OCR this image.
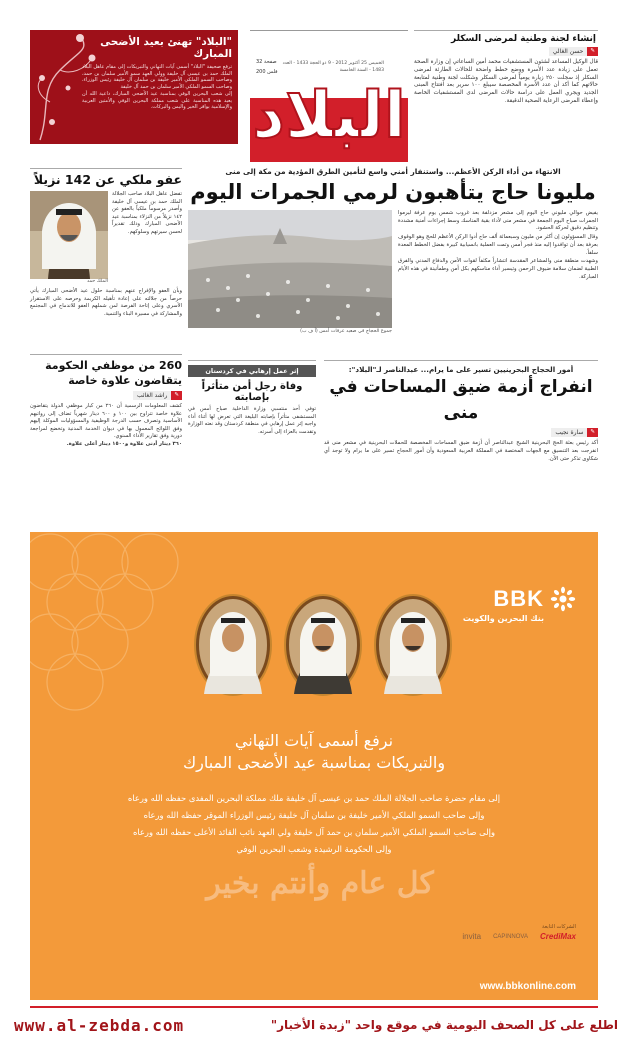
"البلاد" تهنئ بعيد الأضحى المبارك
ترفع صحيفة "البلاد" أسمى آيات التهاني والتبريكات إلى مقام عاهل البلاد الملك حمد بن عيسى آل خليفة وولي العهد سمو الأمير سلمان بن حمد، وصاحب السمو الملكي الأمير خليفة بن سلمان آل خليفة رئيس الوزراء، وصاحب السمو الملكي الأمير سلمان بن حمد آل خليفة
إلى شعب البحرين الوفي بمناسبة عيد الأضحى المبارك، داعية الله أن يعيد هذه المناسبة على شعب مملكة البحرين الوفي والأمتين العربية والإسلامية بوافر الخير واليمن والبركات.
الخميس 25 أكتوبر 2012 - 9 ذو الحجة 1433 - العدد 1483 - السنة الخامسة
32 صفحة
200 فلس
البلاد
إنشاء لجنة وطنية لمرضى السكلر
✎
حسن الغالي
قال الوكيل المساعد لشئون المستشفيات محمد أمين الساعاتي إن وزارة الصحة تعمل على زيادة عدد الأسرة ووضع خطط واضحة للحالات الطارئة لمرضى السكلر إذ سجلت ٢٥٠ زيارة يومياً لمرضى السكلر وشكلت لجنة وطنية لمتابعة حالاتهم كما أكد أن عدد الأسرة المخصصة سيبلغ ١٠٠ سرير بعد افتتاح المبنى الجديد ويجري العمل على دراسة حالات المرضى لدى المستشفيات الخاصة وإعطاء المرضى الرعاية الصحية الدقيقة.
عفو ملكي عن 142 نزيلاً
تفضل عاهل البلاد صاحب الجلالة الملك حمد بن عيسى آل خليفة وأصدر مرسوماً ملكياً بالعفو عن ١٤٢ نزيلاً من النزلاء بمناسبة عيد الأضحى المبارك وذلك تقديراً لحسن سيرتهم وسلوكهم.
الملك حمد
وبأن العفو والإفراج عنهم بمناسبة حلول عيد الأضحى المبارك يأتي حرصاً من جلالته على إعادة تأهيله الكريمة وحرصه على الاستقرار الأسري وعلى إتاحة الفرصة لمن شملهم العفو للاندماج في المجتمع والمشاركة في مسيرة البناء والتنمية.
الانتهاء من أداء الركن الأعظم... واستنفار أمني واسع لتأمين الطرق المؤدية من مكة إلى منى
مليونا حاج يتأهبون لرمي الجمرات اليوم
يفيض حوالي مليوني حاج اليوم إلى مشعر مزدلفة بعد غروب شمس يوم عرفة ليرموا الجمرات صباح اليوم الجمعة في مشعر منى لأداء بقية المناسك وسط إجراءات أمنية مشددة وتنظيم دقيق لحركة الحشود.
وقال المسؤولون إن أكثر من مليون وسبعمائة ألف حاج أدوا الركن الأعظم للحج وهو الوقوف بعرفة بعد أن توافدوا إليه منذ فجر أمس وتمت العملية بانسيابية كبيرة بفضل الخطط المعدة سلفاً.
وشهدت منطقة منى والمشاعر المقدسة انتشاراً مكثفاً لقوات الأمن والدفاع المدني والفرق الطبية لضمان سلامة ضيوف الرحمن وتيسير أداء مناسكهم بكل أمن وطمأنينة في هذه الأيام المباركة.
جموع الحجاج في صعيد عرفات أمس (أ ف ب)
260 من موظفي الحكومة يتقاضون علاوة خاصة
✎
راشد الغائب
كشف المعلومات الرسمية أن ٢٦٠ من كبار موظفي الدولة يتقاضون علاوة خاصة تتراوح بين ١٠٠ و ٦٠٠ دينار شهرياً تضاف إلى رواتبهم الأساسية وتصرف حسب الدرجة الوظيفية والمسؤوليات الموكلة إليهم وفق اللوائح المعمول بها في ديوان الخدمة المدنية وتخضع لمراجعة دورية وفق تقارير الأداء السنوي.
٣٦٠ دينار أدنى علاوة و١٥٠٠ دينار أعلى علاوة.
إثر عمل إرهابي في كردستان
وفاة رجل أمن متأثراً بإصابته
توفي أحد منتسبي وزارة الداخلية صباح أمس في المستشفى متأثراً بإصابته البليغة التي تعرض لها أثناء أداء واجبه إثر عمل إرهابي في منطقة كردستان وقد نعته الوزارة وتقدمت بالعزاء إلى أسرته.
أمور الحجاج البحرينيين تسير على ما يرام... عبدالناصر لـ"البلاد":
انفراج أزمة ضيق المساحات في منى
✎
سارة نجيب
أكد رئيس بعثة الحج البحرينية الشيخ عبدالناصر أن أزمة ضيق المساحات المخصصة للحملات البحرينية في مشعر منى قد انفرجت بعد التنسيق مع الجهات المختصة في المملكة العربية السعودية وأن أمور الحجاج تسير على ما يرام ولا توجد أي شكاوى تذكر حتى الآن.
BBK
بنك البحرين والكويت
نرفع أسمى آيات التهاني
والتبريكات بمناسبة عيد الأضحى المبارك
إلى مقام حضرة صاحب الجلالة الملك حمد بن عيسى آل خليفة ملك مملكة البحرين المفدى حفظه الله ورعاه
وإلى صاحب السمو الملكي الأمير خليفة بن سلمان آل خليفة رئيس الوزراء الموقر حفظه الله ورعاه
وإلى صاحب السمو الملكي الأمير سلمان بن حمد آل خليفة ولي العهد نائب القائد الأعلى حفظه الله ورعاه
وإلى الحكومة الرشيدة وشعب البحرين الوفي
كل عام وأنتم بخير
الشركات التابعة
invita CAPINNOVA CrediMax
www.bbkonline.com
www.al-zebda.com	اطلع على كل الصحف اليومية في موقع واحد "زبدة الأخبار"
